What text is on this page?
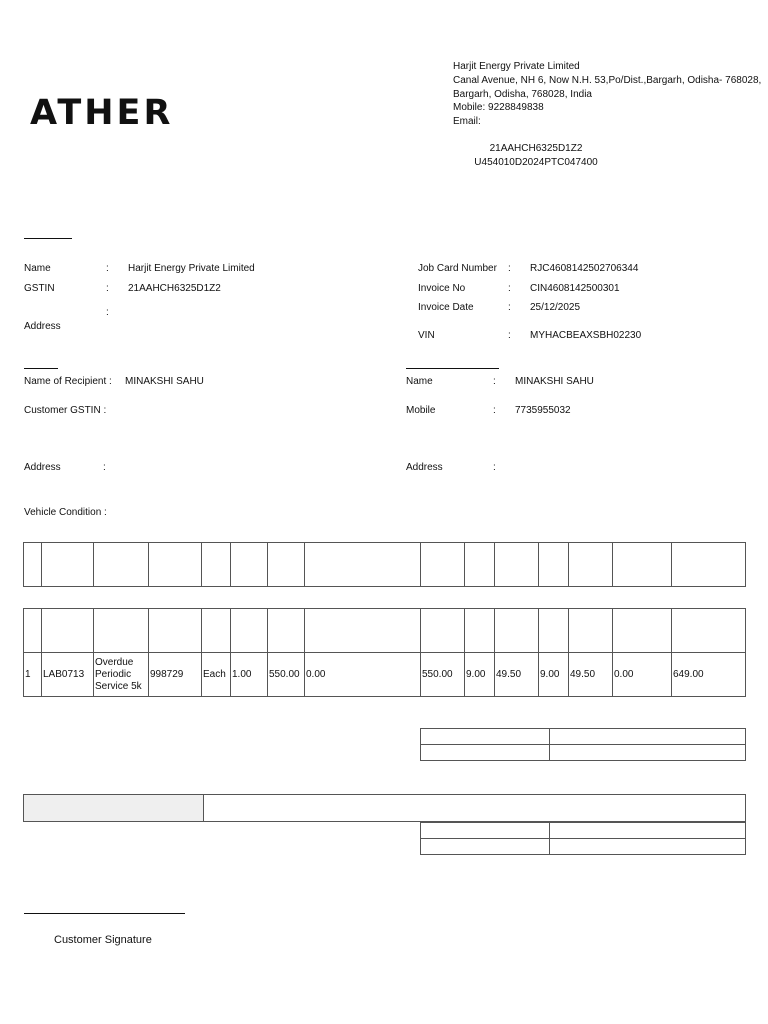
ATHER
Harjit Energy Private Limited
Canal Avenue, NH 6, Now N.H. 53,Po/Dist.,Bargarh, Odisha- 768028,
Bargarh, Odisha, 768028, India
Mobile: 9228849838
Email:
21AAHCH6325D1Z2
U454010D2024PTC047400
Name	: Harjit Energy Private Limited
GSTIN	: 21AAHCH6325D1Z2
:
Address
Job Card Number : RJC4608142502706344
Invoice No	: CIN4608142500301
Invoice Date	: 25/12/2025
VIN	: MYHACBEAXSBH02230
Name of Recipient : MINAKSHI SAHU
Customer GSTIN :
Address	:
Vehicle Condition :
Name	: MINAKSHI SAHU
Mobile	: 7735955032
Address	:

1	LAB0713	Overdue Periodic Service 5k	998729	Each	1.00	550.00	0.00	550.00	9.00	49.50	9.00	49.50	0.00	649.00

Customer Signature
